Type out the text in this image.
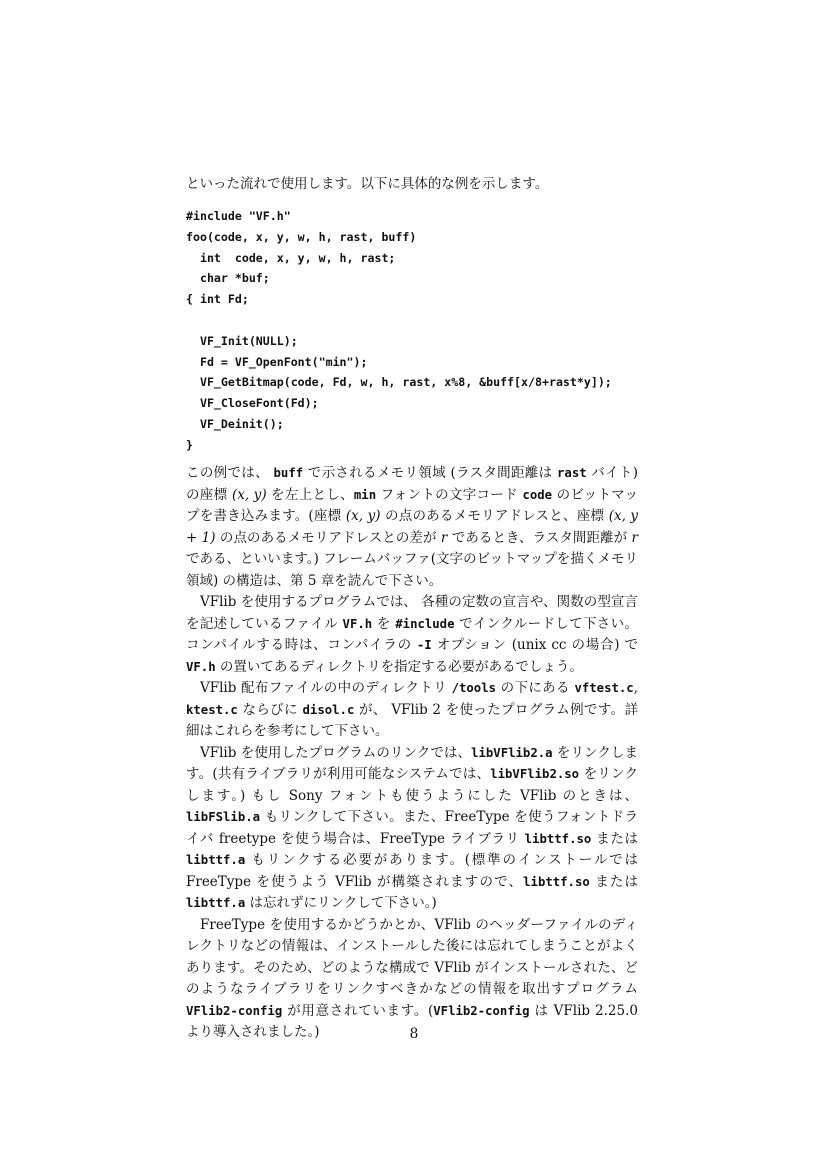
といった流れで使用します。以下に具体的な例を示します。
#include "VF.h"
foo(code, x, y, w, h, rast, buff)
int  code, x, y, w, h, rast;
char *buf;
{ int Fd;

VF_Init(NULL);
Fd = VF_OpenFont("min");
VF_GetBitmap(code, Fd, w, h, rast, x%8, &buff[x/8+rast*y]);
VF_CloseFont(Fd);
VF_Deinit();
}

この例では、 buff で示されるメモリ領域 (ラスタ間距離は rast バイト) の座標 (x, y) を左上とし、min フォントの文字コード code のビットマップを書き込みます。(座標 (x, y) の点のあるメモリアドレスと、座標 (x, y + 1) の点のあるメモリアドレスとの差が r であるとき、ラスタ間距離が r である、といいます。) フレームバッファ(文字のビットマップを描くメモリ領域) の構造は、第 5 章を読んで下さい。

VFlib を使用するプログラムでは、 各種の定数の宣言や、関数の型宣言を記述しているファイル VF.h を #include でインクルードして下さい。コンパイルする時は、コンパイラの -I オプション (unix cc の場合) で VF.h の置いてあるディレクトリを指定する必要があるでしょう。

VFlib 配布ファイルの中のディレクトリ /tools の下にある vftest.c, ktest.c ならびに disol.c が、 VFlib 2 を使ったプログラム例です。詳細はこれらを参考にして下さい。

VFlib を使用したプログラムのリンクでは、libVFlib2.a をリンクします。(共有ライブラリが利用可能なシステムでは、libVFlib2.so をリンクします。) もし Sony フォントも使うようにした VFlib のときは、libFSlib.a もリンクして下さい。また、FreeType を使うフォントドライバ freetype を使う場合は、FreeType ライブラリ libttf.so または libttf.a もリンクする必要があります。(標準のインストールでは FreeType を使うよう VFlib が構築されますので、libttf.so または libttf.a は忘れずにリンクして下さい。)

FreeType を使用するかどうかとか、VFlib のヘッダーファイルのディレクトリなどの情報は、インストールした後には忘れてしまうことがよくあります。そのため、どのような構成で VFlib がインストールされた、どのようなライブラリをリンクすべきかなどの情報を取出すプログラム VFlib2-config が用意されています。(VFlib2-config は VFlib 2.25.0 より導入されました。)	8
